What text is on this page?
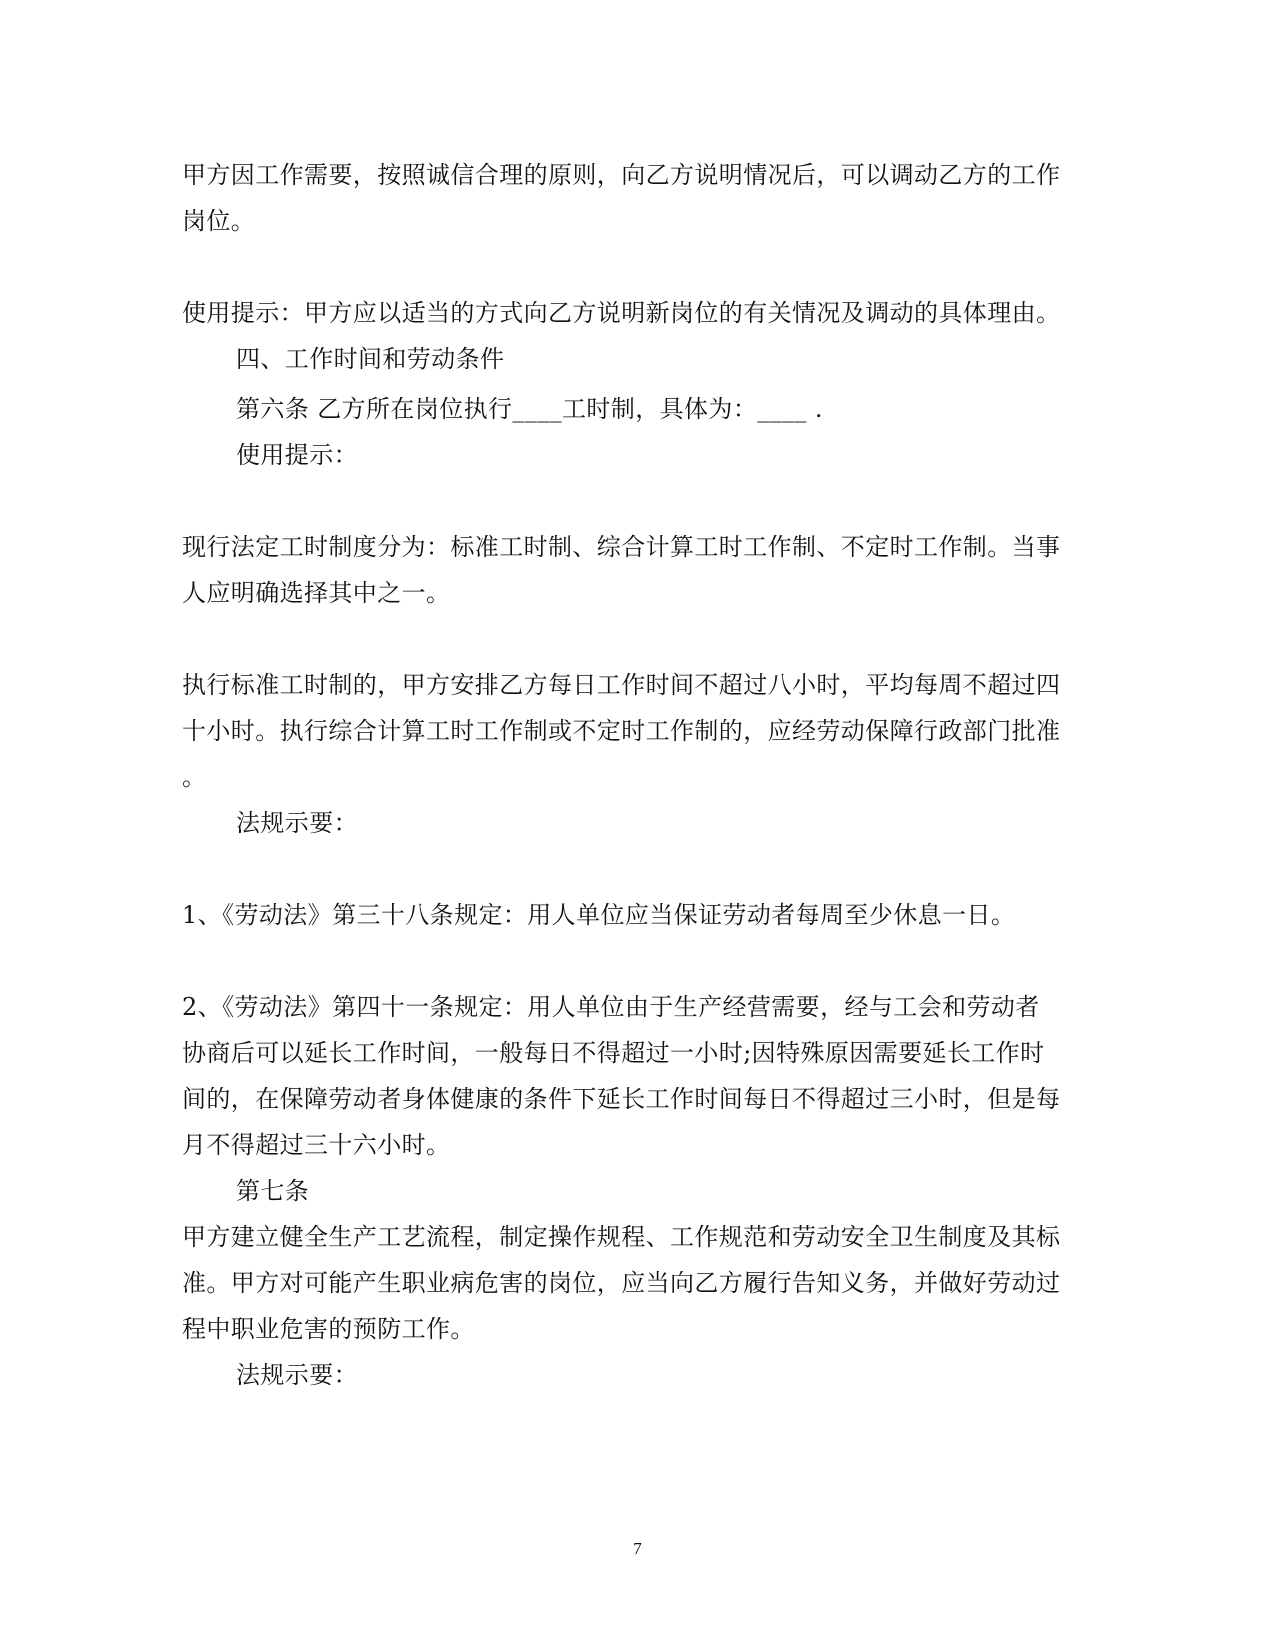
甲方因工作需要，按照诚信合理的原则，向乙方说明情况后，可以调动乙方的工作
岗位。
使用提示：甲方应以适当的方式向乙方说明新岗位的有关情况及调动的具体理由。
四、工作时间和劳动条件
第六条 乙方所在岗位执行____工时制，具体为：____ .
使用提示：
现行法定工时制度分为：标准工时制、综合计算工时工作制、不定时工作制。当事
人应明确选择其中之一。
执行标准工时制的，甲方安排乙方每日工作时间不超过八小时，平均每周不超过四
十小时。执行综合计算工时工作制或不定时工作制的，应经劳动保障行政部门批准
。
法规示要：
1、《劳动法》第三十八条规定：用人单位应当保证劳动者每周至少休息一日。
2、《劳动法》第四十一条规定：用人单位由于生产经营需要，经与工会和劳动者
协商后可以延长工作时间，一般每日不得超过一小时;因特殊原因需要延长工作时
间的，在保障劳动者身体健康的条件下延长工作时间每日不得超过三小时，但是每
月不得超过三十六小时。
第七条
甲方建立健全生产工艺流程，制定操作规程、工作规范和劳动安全卫生制度及其标
准。甲方对可能产生职业病危害的岗位，应当向乙方履行告知义务，并做好劳动过
程中职业危害的预防工作。
法规示要：
7
